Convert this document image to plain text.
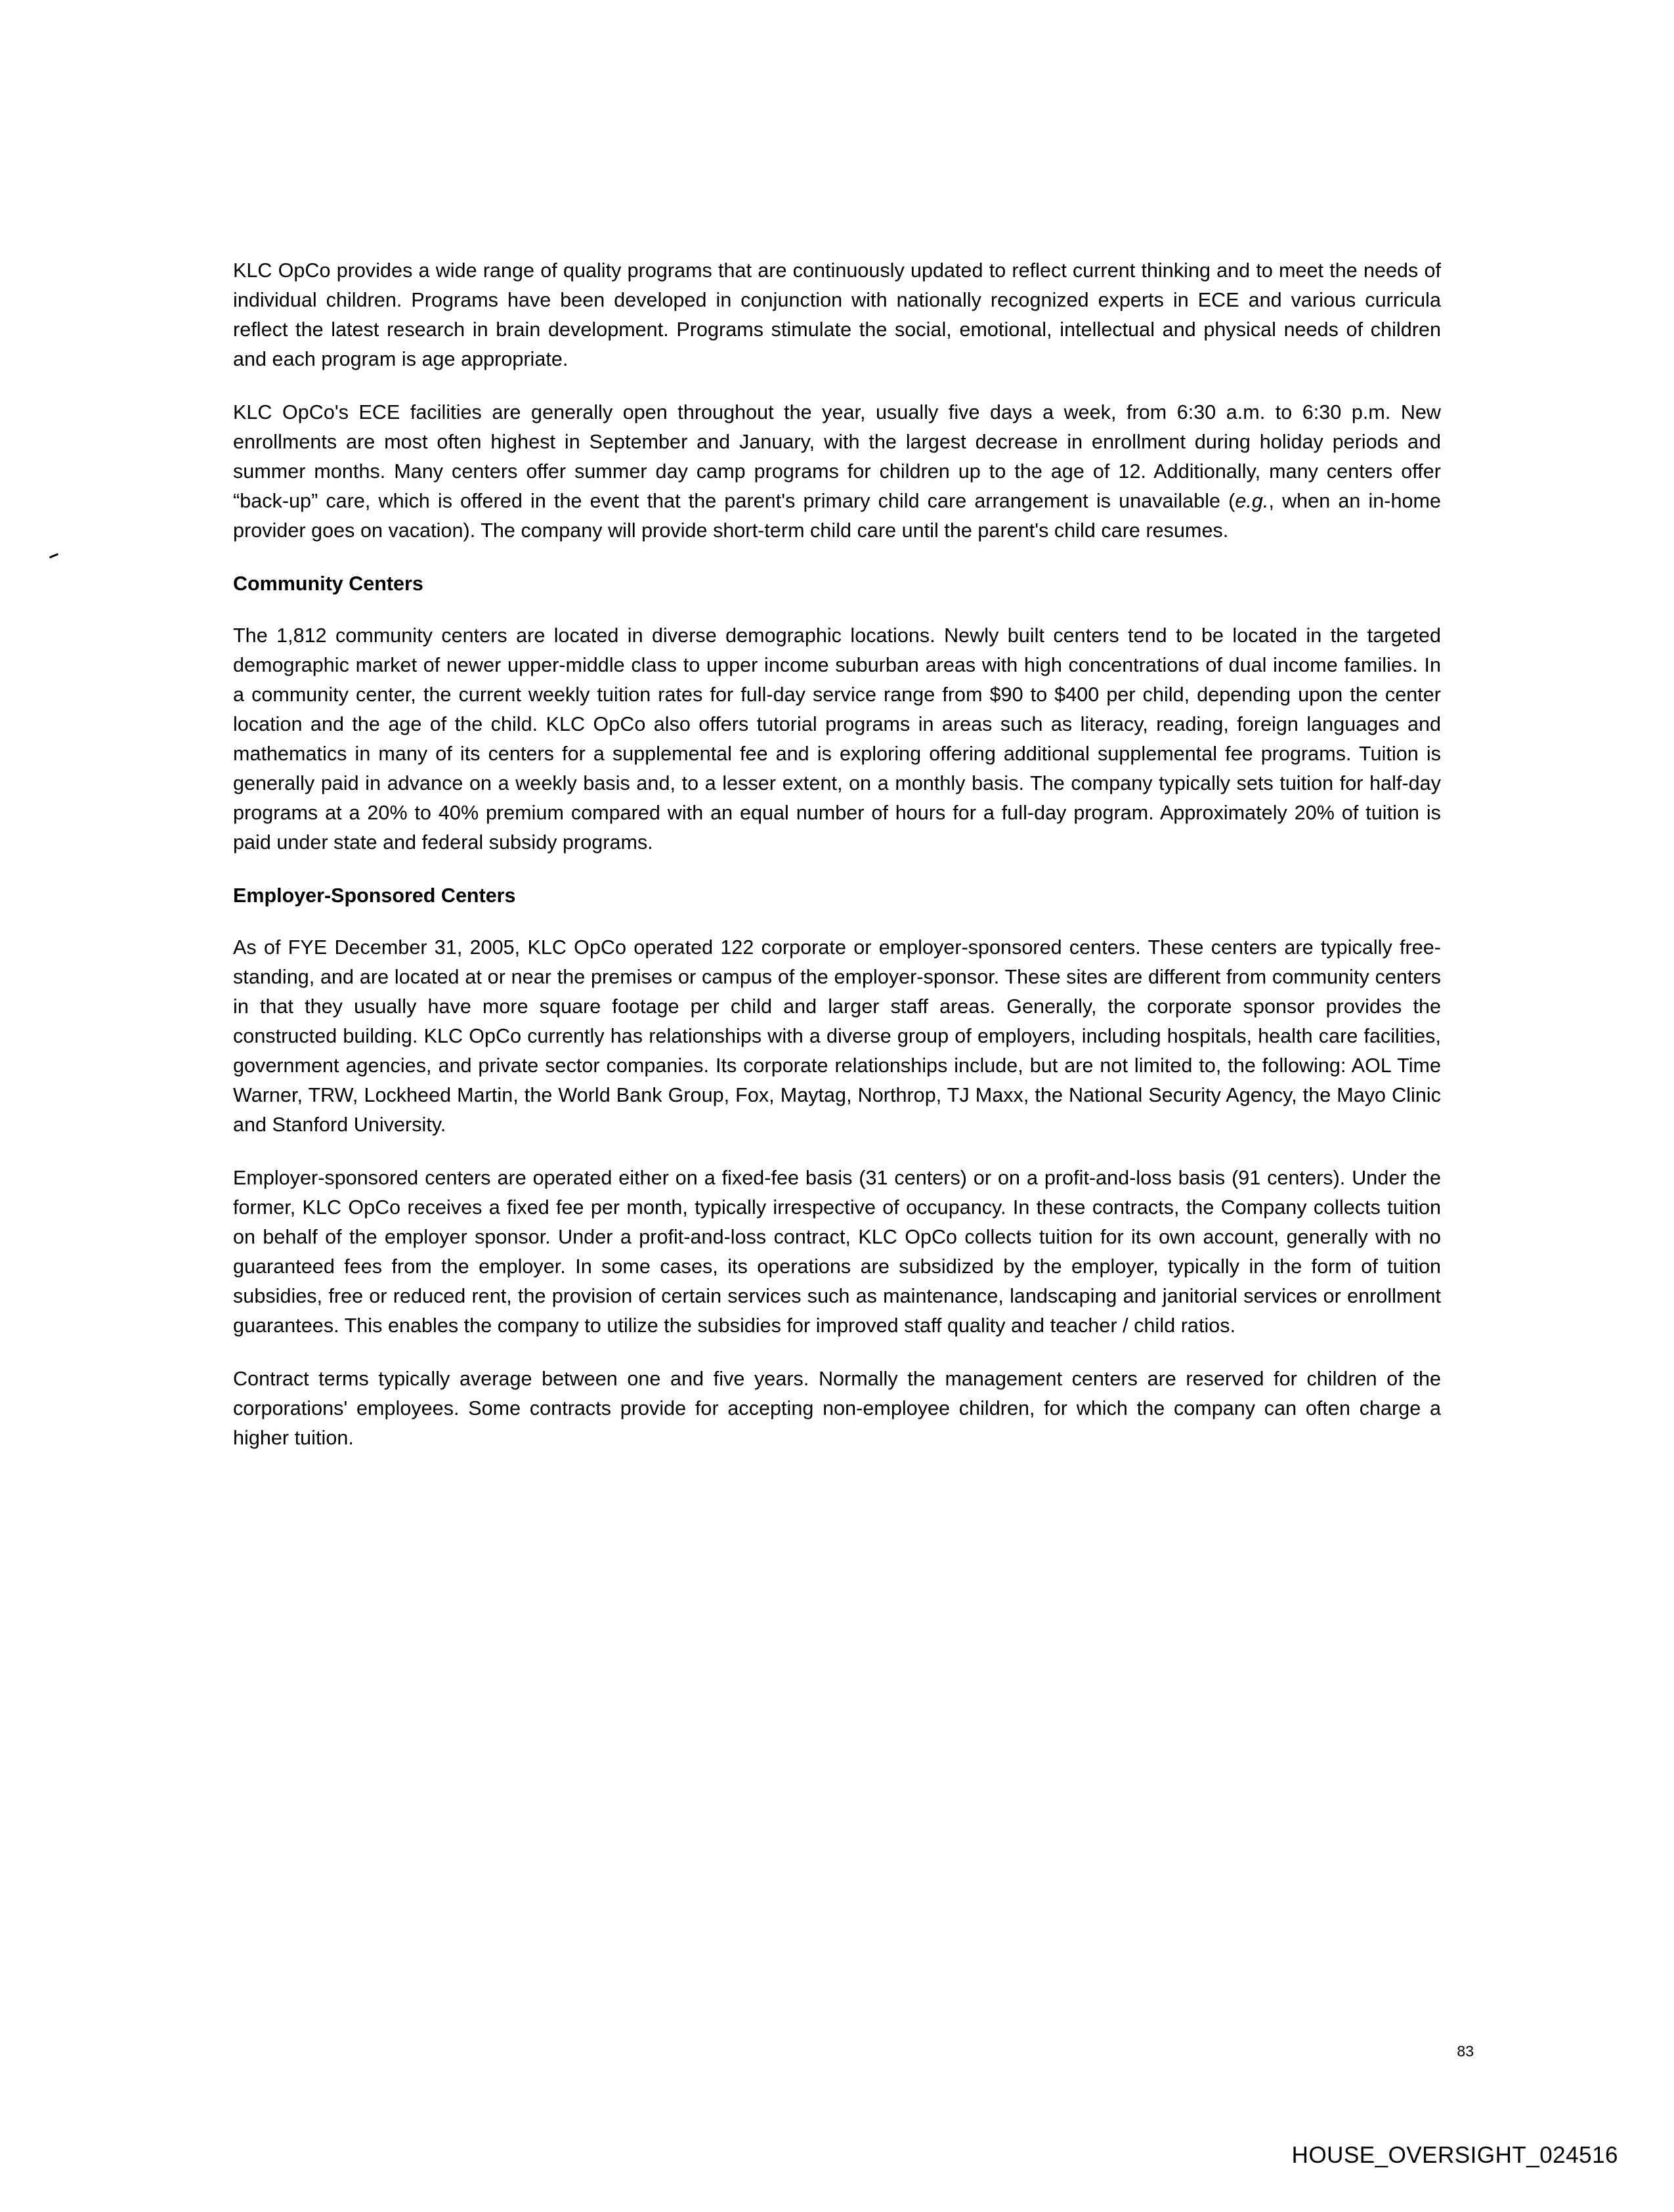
KLC OpCo provides a wide range of quality programs that are continuously updated to reflect current thinking and to meet the needs of individual children. Programs have been developed in conjunction with nationally recognized experts in ECE and various curricula reflect the latest research in brain development. Programs stimulate the social, emotional, intellectual and physical needs of children and each program is age appropriate.

KLC OpCo's ECE facilities are generally open throughout the year, usually five days a week, from 6:30 a.m. to 6:30 p.m. New enrollments are most often highest in September and January, with the largest decrease in enrollment during holiday periods and summer months. Many centers offer summer day camp programs for children up to the age of 12. Additionally, many centers offer “back-up” care, which is offered in the event that the parent's primary child care arrangement is unavailable (e.g., when an in-home provider goes on vacation). The company will provide short-term child care until the parent's child care resumes.

Community Centers

The 1,812 community centers are located in diverse demographic locations. Newly built centers tend to be located in the targeted demographic market of newer upper-middle class to upper income suburban areas with high concentrations of dual income families. In a community center, the current weekly tuition rates for full-day service range from $90 to $400 per child, depending upon the center location and the age of the child. KLC OpCo also offers tutorial programs in areas such as literacy, reading, foreign languages and mathematics in many of its centers for a supplemental fee and is exploring offering additional supplemental fee programs. Tuition is generally paid in advance on a weekly basis and, to a lesser extent, on a monthly basis. The company typically sets tuition for half-day programs at a 20% to 40% premium compared with an equal number of hours for a full-day program. Approximately 20% of tuition is paid under state and federal subsidy programs.

Employer-Sponsored Centers

As of FYE December 31, 2005, KLC OpCo operated 122 corporate or employer-sponsored centers. These centers are typically free-standing, and are located at or near the premises or campus of the employer-sponsor. These sites are different from community centers in that they usually have more square footage per child and larger staff areas. Generally, the corporate sponsor provides the constructed building. KLC OpCo currently has relationships with a diverse group of employers, including hospitals, health care facilities, government agencies, and private sector companies. Its corporate relationships include, but are not limited to, the following: AOL Time Warner, TRW, Lockheed Martin, the World Bank Group, Fox, Maytag, Northrop, TJ Maxx, the National Security Agency, the Mayo Clinic and Stanford University.

Employer-sponsored centers are operated either on a fixed-fee basis (31 centers) or on a profit-and-loss basis (91 centers). Under the former, KLC OpCo receives a fixed fee per month, typically irrespective of occupancy. In these contracts, the Company collects tuition on behalf of the employer sponsor. Under a profit-and-loss contract, KLC OpCo collects tuition for its own account, generally with no guaranteed fees from the employer. In some cases, its operations are subsidized by the employer, typically in the form of tuition subsidies, free or reduced rent, the provision of certain services such as maintenance, landscaping and janitorial services or enrollment guarantees. This enables the company to utilize the subsidies for improved staff quality and teacher / child ratios.

Contract terms typically average between one and five years. Normally the management centers are reserved for children of the corporations' employees. Some contracts provide for accepting non-employee children, for which the company can often charge a higher tuition.

83
HOUSE_OVERSIGHT_024516
